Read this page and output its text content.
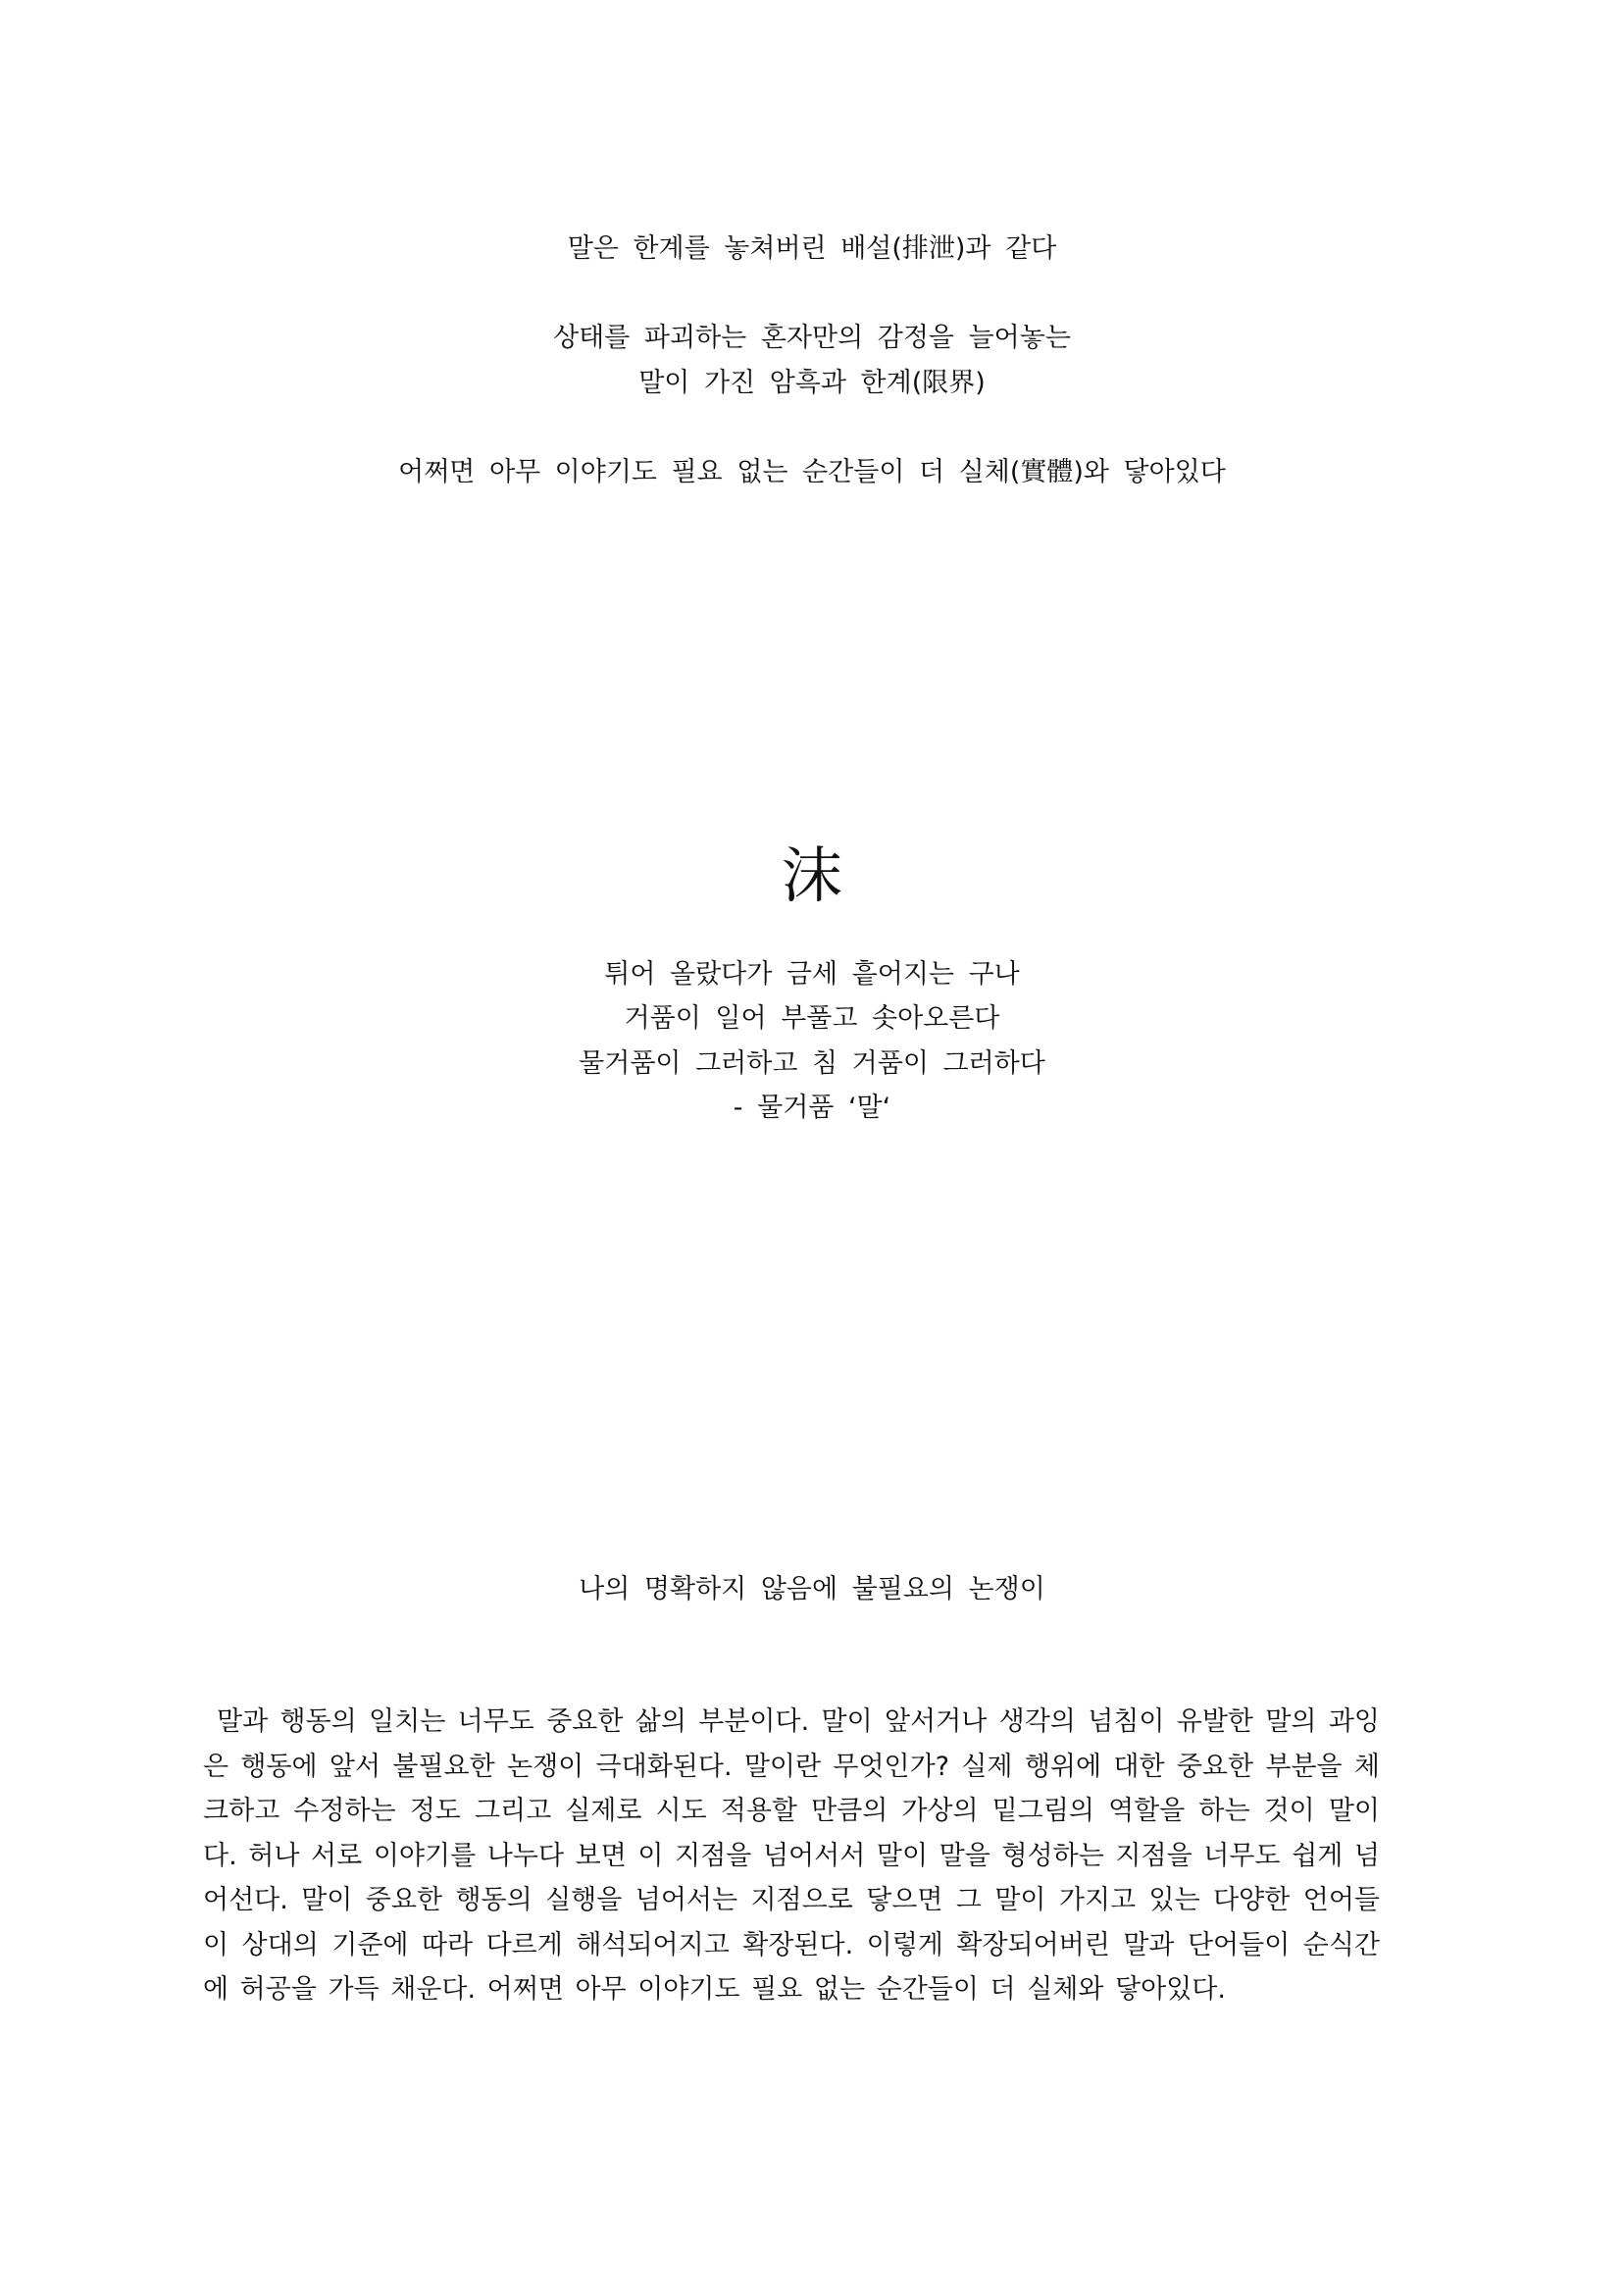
말은 한계를 놓쳐버린 배설(排泄)과 같다
상태를 파괴하는 혼자만의 감정을 늘어놓는
말이 가진 암흑과 한계(限界)
어쩌면 아무 이야기도 필요 없는 순간들이 더 실체(實體)와 닿아있다
沫
튀어 올랐다가 금세 흩어지는 구나
거품이 일어 부풀고 솟아오른다
물거품이 그러하고 침 거품이 그러하다
- 물거품 ‘말‘
나의 명확하지 않음에 불필요의 논쟁이
말과 행동의 일치는 너무도 중요한 삶의 부분이다. 말이 앞서거나 생각의 넘침이 유발한 말의 과잉은 행동에 앞서 불필요한 논쟁이 극대화된다. 말이란 무엇인가? 실제 행위에 대한 중요한 부분을 체크하고 수정하는 정도 그리고 실제로 시도 적용할 만큼의 가상의 밑그림의 역할을 하는 것이 말이다. 허나 서로 이야기를 나누다 보면 이 지점을 넘어서서 말이 말을 형성하는 지점을 너무도 쉽게 넘어선다. 말이 중요한 행동의 실행을 넘어서는 지점으로 닿으면 그 말이 가지고 있는 다양한 언어들이 상대의 기준에 따라 다르게 해석되어지고 확장된다. 이렇게 확장되어버린 말과 단어들이 순식간에 허공을 가득 채운다. 어쩌면 아무 이야기도 필요 없는 순간들이 더 실체와 닿아있다.
